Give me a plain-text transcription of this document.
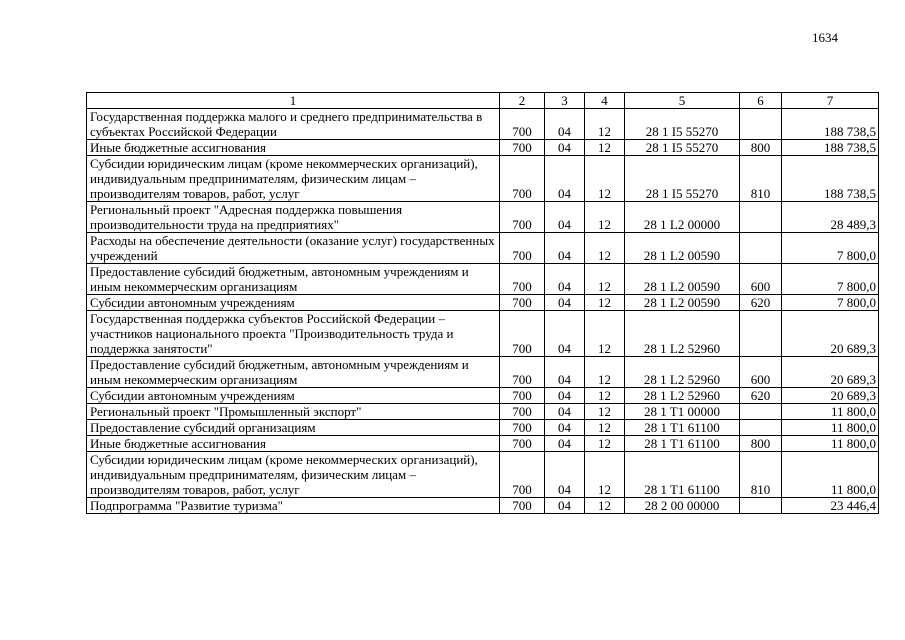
1634
1	2	3	4	5	6	7
Государственная поддержка малого и среднего предпринимательства в субъектах Российской Федерации	700	04	12	28 1 I5 55270		188 738,5
Иные бюджетные ассигнования	700	04	12	28 1 I5 55270	800	188 738,5
Субсидии юридическим лицам (кроме некоммерческих организаций), индивидуальным предпринимателям, физическим лицам – производителям товаров, работ, услуг	700	04	12	28 1 I5 55270	810	188 738,5
Региональный проект "Адресная поддержка повышения производительности труда на предприятиях"	700	04	12	28 1 L2 00000		28 489,3
Расходы на обеспечение деятельности (оказание услуг) государственных учреждений	700	04	12	28 1 L2 00590		7 800,0
Предоставление субсидий бюджетным, автономным учреждениям и иным некоммерческим организациям	700	04	12	28 1 L2 00590	600	7 800,0
Субсидии автономным учреждениям	700	04	12	28 1 L2 00590	620	7 800,0
Государственная поддержка субъектов Российской Федерации – участников национального проекта "Производительность труда и поддержка занятости"	700	04	12	28 1 L2 52960		20 689,3
Предоставление субсидий бюджетным, автономным учреждениям и иным некоммерческим организациям	700	04	12	28 1 L2 52960	600	20 689,3
Субсидии автономным учреждениям	700	04	12	28 1 L2 52960	620	20 689,3
Региональный проект "Промышленный экспорт"	700	04	12	28 1 T1 00000		11 800,0
Предоставление субсидий организациям	700	04	12	28 1 T1 61100		11 800,0
Иные бюджетные ассигнования	700	04	12	28 1 T1 61100	800	11 800,0
Субсидии юридическим лицам (кроме некоммерческих организаций), индивидуальным предпринимателям, физическим лицам – производителям товаров, работ, услуг	700	04	12	28 1 T1 61100	810	11 800,0
Подпрограмма "Развитие туризма"	700	04	12	28 2 00 00000		23 446,4
